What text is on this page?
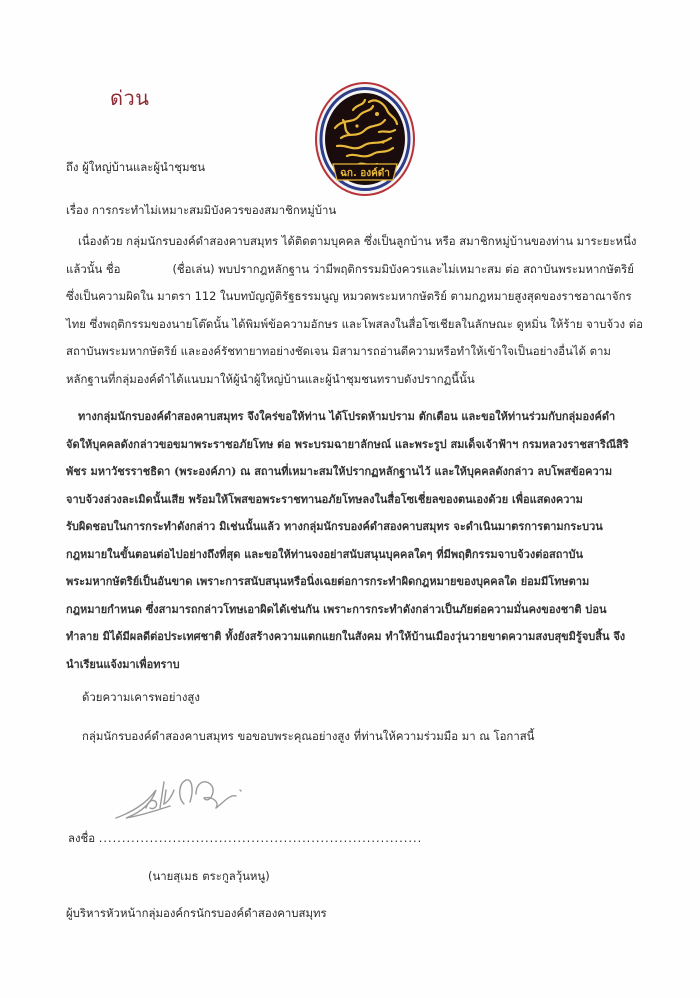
ด่วน
ฉก. องค์ดำ
ถึง ผู้ใหญ่บ้านและผู้นำชุมชน
เรื่อง การกระทำไม่เหมาะสมมิบังควรของสมาชิกหมู่บ้าน

เนื่องด้วย กลุ่มนักรบองค์ดำสองคาบสมุทร ได้ติดตามบุคคล ซึ่งเป็นลูกบ้าน หรือ สมาชิกหมู่บ้านของท่าน มาระยะหนึ่ง

แล้วนั้น ชื่อ	(ชื่อเล่น) พบปรากฎหลักฐาน ว่ามีพฤติกรรมมิบังควรและไม่เหมาะสม ต่อ สถาบันพระมหากษัตริย์

ซึ่งเป็นความผิดใน มาตรา 112 ในบทบัญญัติรัฐธรรมนูญ หมวดพระมหากษัตริย์ ตามกฎหมายสูงสุดของราชอาณาจักร

ไทย ซึ่งพฤติกรรมของนายโต๊ดนั้น ได้พิมพ์ข้อความอักษร และโพสลงในสื่อโซเชียลในลักษณะ ดูหมิ่น ให้ร้าย จาบจ้วง ต่อ

สถาบันพระมหากษัตริย์ และองค์รัชทายาทอย่างชัดเจน มิสามารถอ่านตีความหรือทำให้เข้าใจเป็นอย่างอื่นได้ ตาม

หลักฐานที่กลุ่มองค์ดำได้แนบมาให้ผู้นำผู้ใหญ่บ้านและผู้นำชุมชนทราบดังปรากฏนี้นั้น

ทางกลุ่มนักรบองค์ดำสองคาบสมุทร จึงใคร่ขอให้ท่าน ได้โปรดห้ามปราม ตักเตือน และขอให้ท่านร่วมกับกลุ่มองค์ดำ

จัดให้บุคคลดังกล่าวขอขมาพระราชอภัยโทษ ต่อ พระบรมฉายาลักษณ์ และพระรูป สมเด็จเจ้าฟ้าฯ กรมหลวงราชสาริณีสิริ

พัชร มหาวัชรราชธิดา (พระองค์ภา) ณ สถานที่เหมาะสมให้ปรากฏหลักฐานไว้ และให้บุคคลดังกล่าว ลบโพสข้อความ

จาบจ้วงล่วงละเมิดนั้นเสีย พร้อมให้โพสขอพระราชทานอภัยโทษลงในสื่อโซเชี่ยลของตนเองด้วย เพื่อแสดงความ

รับผิดชอบในการกระทำดังกล่าว มิเช่นนั้นแล้ว ทางกลุ่มนักรบองค์ดำสองคาบสมุทร จะดำเนินมาตรการตามกระบวน

กฎหมายในขั้นตอนต่อไปอย่างถึงที่สุด และขอให้ท่านจงอย่าสนับสนุนบุคคลใดๆ ที่มีพฤติกรรมจาบจ้วงต่อสถาบัน

พระมหากษัตริย์เป็นอันขาด เพราะการสนับสนุนหรือนิ่งเฉยต่อการกระทำผิดกฎหมายของบุคคลใด ย่อมมีโทษตาม

กฎหมายกำหนด ซึ่งสามารถกล่าวโทษเอาผิดได้เช่นกัน เพราะการกระทำดังกล่าวเป็นภัยต่อความมั่นคงของชาติ บ่อน

ทำลาย มิได้มีผลดีต่อประเทศชาติ ทั้งยังสร้างความแตกแยกในสังคม ทำให้บ้านเมืองวุ่นวายขาดความสงบสุขมิรู้จบสิ้น จึง

นำเรียนแจ้งมาเพื่อทราบ

ด้วยความเคารพอย่างสูง
กลุ่มนักรบองค์ดำสองคาบสมุทร ขอขอบพระคุณอย่างสูง ที่ท่านให้ความร่วมมือ มา ณ โอกาสนี้
ลงชื่อ ......................................................................
(นายสุเมธ ตระกูลวุ้นหนู)
ผู้บริหารหัวหน้ากลุ่มองค์กรนักรบองค์ดำสองคาบสมุทร
